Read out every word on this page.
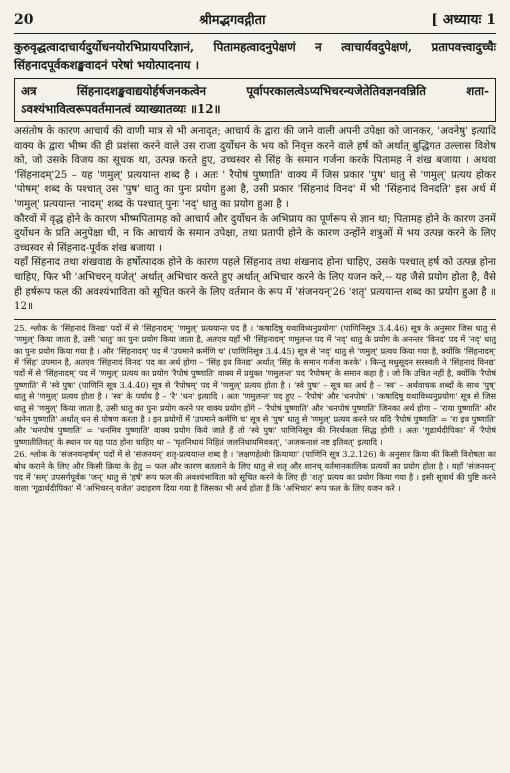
20	श्रीमद्भगवद्गीता	[ अध्यायः 1

कुरुवृद्धत्वादाचार्यदुर्योधनयोरभिप्रायपरिज्ञानं, पितामहत्वादनुपेक्षणं न त्वाचार्यवदुपेक्षणं, प्रतापवत्त्वादुच्चैः सिंहनादपूर्वकशङ्खवादनं परेषां भयोत्पादनाय ।

अत्र सिंहनादशङ्खवाद्ययोर्हर्षजनकत्वेन पूर्वापरकालत्वेऽप्यभिचरन्यजेतेतिवज्ञनवन्निति शता-ऽवश्यंभावित्वरूपवर्तमानत्वं व्याख्यातव्यः ॥12॥

असंतोष के कारण आचार्य की वाणी मात्र से भी अनादृत; आचार्य के द्वारा की जाने वाली अपनी उपेक्षा को जानकर, 'अवनेषु' इत्यादि वाक्य के द्वारा भीष्म की ही प्रशंसा करने वाले उस राजा दुर्योधन के भय को निवृत्त करने वाले हर्ष को अर्थात् बुद्धिगत उल्लास विशेष को, जो उसके विजय का सूचक था, उत्पन्न करते हुए, उच्चस्वर से सिंह के समान गर्जना करके पितामह ने शंख बजाया । अथवा 'सिंहनादम्'25 – यह 'णमुल्' प्रत्ययान्त शब्द है । अतः ' रैपोषं पुष्णाति' वाक्य में जिस प्रकार 'पुष' धातु से 'णमुल्' प्रत्यय होकर 'पोषम्' शब्द के पश्चात् उस 'पुष' धातु का पुनः प्रयोग हुआ है, उसी प्रकार 'सिंहनादं विनद' में भी 'सिंहनादं विनदति' इस अर्थ में 'णमुल्' प्रत्ययान्त 'नादम्' शब्द के पश्चात् पुनः 'नद्' धातु का प्रयोग हुआ है ।

कौरवों में वृद्ध होने के कारण भीष्मपितामह को आचार्य और दुर्योधन के अभिप्राय का पूर्णरूप से ज्ञान था; पितामह होने के कारण उनमें दुर्योधन के प्रति अनुपेक्षा थी, न कि आचार्य के समान उपेक्षा, तथा प्रतापी होने के कारण उन्होंने शत्रुओं में भय उत्पन्न करने के लिए उच्चस्वर से सिंहनाद-पूर्वक शंख बजाया ।

यहाँ सिंहनाद तथा शंखवाद्य के हर्षोत्पादक होने के कारण पहले सिंहनाद तथा शंखनाद होना चाहिए, उसके पश्चात् हर्ष को उत्पन्न होना चाहिए, फिर भी 'अभिचरन् यजेत्' अर्थात् अभिचार करते हुए अर्थात् अभिचार करने के लिए यजन करे,-- यह जैसे प्रयोग होता है, वैसे ही हर्षरूप फल की अवश्यंभाविता को सूचित करने के लिए वर्तमान के रूप में 'संजनयन्'26 'शतृ' प्रत्ययान्त शब्द का प्रयोग हुआ है ॥12॥

25. श्लोक के 'सिंहनादं विनद्य' पदों में से 'सिंहनादम्' 'णमुल्' प्रत्ययान्त पद है । 'कषादिषु यथाविध्यनुप्रयोगः' (पाणिनिसूत्र 3.4.46) सूत्र के अनुसार जिस धातु से 'णमुल्' किया जाता है, उसी 'धातु' का पुनः प्रयोग किया जाता है, अतएव यहाँ भी 'सिंहनादम्' णमुलन्त पद में 'नद्' धातु के प्रयोग के अनन्तर 'विनद' पद में 'नद्' धातु का पुनः प्रयोग किया गया है । और 'सिंहनादम्' पद में 'उपमाने कर्मणि च' (पाणिनिसूत्र 3.4.45) सूत्र से 'नद्' धातु से 'णमुल्' प्रत्यय किया गया है, क्योंकि 'सिंहनादम्' में 'सिंह' उपमान है, अतएव 'सिंहनादं विनद' पद का अर्थ होगा – 'सिंह इव विनद्य' अर्थात् 'सिंह के समान गर्जना करके' । किन्तु मधुसूदन सरस्वती ने 'सिंहनादं विनद्य' पदों में से 'सिंहनादम्' पद में 'णमुल्' प्रत्यय का प्रयोग 'रैपोषं पुष्णाति' वाक्य में प्रयुक्त 'णमुलन्त' पद 'रैपोषम्' के समान कहा है । जो कि उचित नहीं है, क्योंकि 'रैपोषं पुष्णाति' में 'स्वे पुषः' (पाणिनि सूत्र 3.4.40) सूत्र से 'रैपोषम्' पद में 'णमुल्' प्रत्यय होता है । 'स्वे पुषः' – सूत्र का अर्थ है – 'स्व' – अर्थवाचक शब्दों के साथ 'पुष्' धातु से 'णमुल्' प्रत्यय होता है । 'स्व' के पर्याय है – 'रै' 'धन' इत्यादि । अतः 'णमुलन्त' पद हुए – 'रैपोषं' और 'धनपोषं' । 'कषादिषु यथाविध्यनुप्रयोगः' सूत्र से जिस धातु से 'णमुल्' किया जाता है, उसी धातु का पुनः प्रयोग करने पर वाक्य प्रयोग होंगे – 'रैपोषं पुष्णाति' और 'धनपोषं पुष्णाति' जिनका अर्थ होगा – 'राया पुष्णाति' और 'धनेन पुष्णाति' अर्थात् धन से पोषण करता है । इन प्रयोगों में 'उपमाने कर्मणि च' सूत्र से 'पुष' धातु से 'णमुल्' प्रत्यय करने पर यदि 'रैपोषं पुष्णाति' = 'रा इव पुष्णाति' और 'धनपोषं पुष्णाति' = 'धनमिव पुष्णाति' वाक्य प्रयोग किये जाते हैं तो 'स्वे पुषः' पाणिनिसूत्र की निरर्थकता सिद्ध होगी । अतः 'गूढार्थदीपिका' में 'रैपोषं पुष्णातीतिवत्' के स्थान पर यह पाठ होना चाहिए था – 'घृतनिधायं निहितं जलनिधायमिववत्', 'अजकनाशं नष्ट इतिवत्' इत्यादि ।

26. श्लोक के 'संजनयन्हर्षम्' पदों में से 'संजनयन्' शतृ-प्रत्ययान्त शब्द है । 'लक्षणहेत्वोः क्रियायाः' (पाणिनि सूत्र 3.2.126) के अनुसार क्रिया की किसी विशेषता का बोध कराने के लिए और किसी क्रिया के हेतु = फल और कारण बतलाने के लिए धातु से शतृ और शानच् वर्तमानकालिक प्रत्ययों का प्रयोग होता है । यहाँ 'संजनयन्' पद में 'सम्' उपसर्गपूर्वक 'जन्' धातु से 'हर्ष' रूप फल की अवश्यंभाविता को सूचित करने के लिए ही 'शतृ' प्रत्यय का प्रयोग किया गया है । इसी सूत्रार्थ की पुष्टि करने वाला 'गूढार्थदीपिका' में 'अभिचरन् यजेत' उदाहरण दिया गया है जिसका भी अर्थ होता है कि 'अभिचार' रूप फल के लिए यजन करे ।
